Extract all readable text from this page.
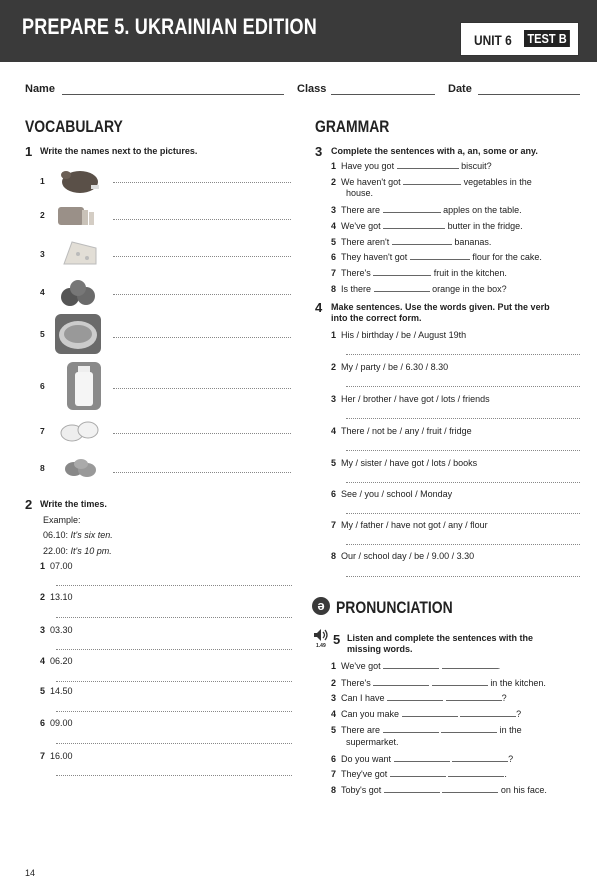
PREPARE 5. UKRAINIAN EDITION
UNIT 6 TEST B
Name	Class	Date
VOCABULARY
1 Write the names next to the pictures.
1
2
3
4
5
6
7
8
2 Write the times.
Example:
06.10: It's six ten.
22.00: It's 10 pm.
1 07.00
2 13.10
3 03.30
4 06.20
5 14.50
6 09.00
7 16.00
GRAMMAR
3 Complete the sentences with a, an, some or any.
1 Have you got	biscuit?
2 We haven't got	vegetables in the
house.
3 There are	apples on the table.
4 We've got	butter in the fridge.
5 There aren't	bananas.
6 They haven't got	flour for the cake.
7 There's	fruit in the kitchen.
8 Is there	orange in the box?
4 Make sentences. Use the words given. Put the verb
into the correct form.
1 His / birthday / be / August 19th
2 My / party / be / 6.30 / 8.30
3 Her / brother / have got / lots / friends
4 There / not be / any / fruit / fridge
5 My / sister / have got / lots / books
6 See / you / school / Monday
7 My / father / have not got / any / flour
8 Our / school day / be / 9.00 / 3.30
ə PRONUNCIATION
1.49 5 Listen and complete the sentences with the
missing words.
1 We've got	.
2 There's	in the kitchen.
3 Can I have	?
4 Can you make	?
5 There are	in the
supermarket.
6 Do you want	?
7 They've got	.
8 Toby's got	on his face.
14
